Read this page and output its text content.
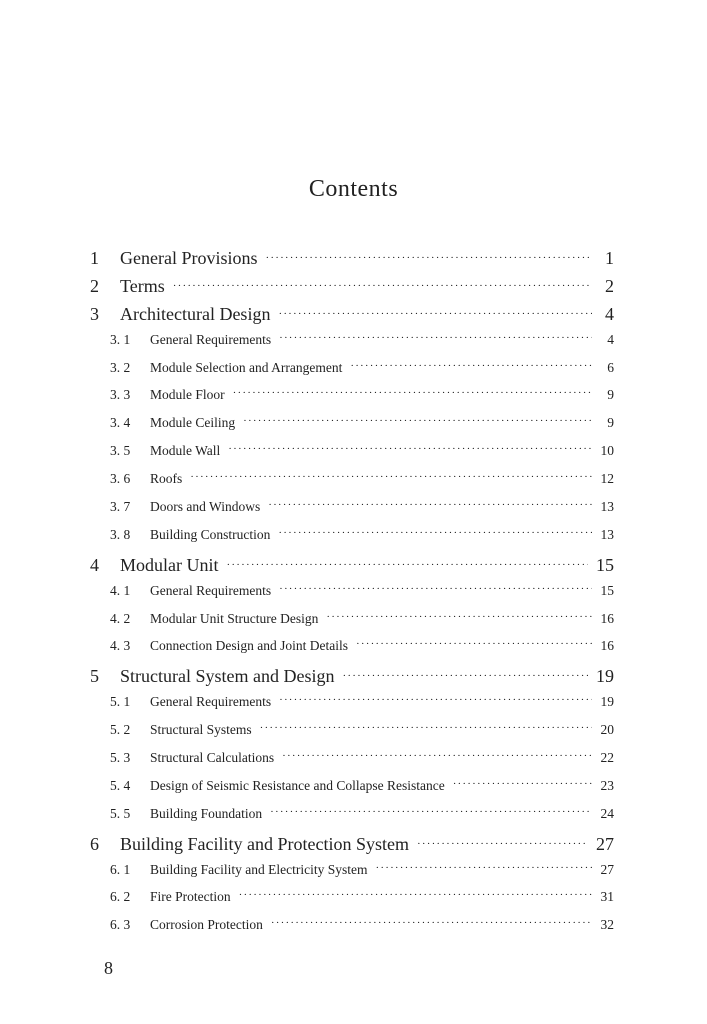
Contents
1	General Provisions ·····	1
2	Terms ·····	2
3	Architectural Design ·····	4
3. 1	General Requirements ·····	4
3. 2	Module Selection and Arrangement ·····	6
3. 3	Module Floor ·····	9
3. 4	Module Ceiling ·····	9
3. 5	Module Wall ·····	10
3. 6	Roofs ·····	12
3. 7	Doors and Windows ·····	13
3. 8	Building Construction ·····	13
4	Modular Unit ·····	15
4. 1	General Requirements ·····	15
4. 2	Modular Unit Structure Design ·····	16
4. 3	Connection Design and Joint Details ·····	16
5	Structural System and Design ·····	19
5. 1	General Requirements ·····	19
5. 2	Structural Systems ·····	20
5. 3	Structural Calculations ·····	22
5. 4	Design of Seismic Resistance and Collapse Resistance ·····	23
5. 5	Building Foundation ·····	24
6	Building Facility and Protection System ·····	27
6. 1	Building Facility and Electricity System ·····	27
6. 2	Fire Protection ·····	31
6. 3	Corrosion Protection ·····	32
8
